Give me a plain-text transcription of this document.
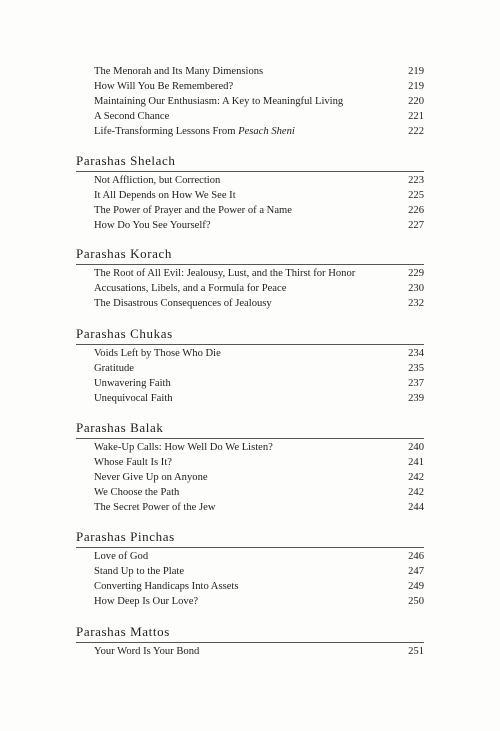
The Menorah and Its Many Dimensions	219
How Will You Be Remembered?	219
Maintaining Our Enthusiasm: A Key to Meaningful Living	220
A Second Chance	221
Life-Transforming Lessons From Pesach Sheni	222
Parashas Shelach
Not Affliction, but Correction	223
It All Depends on How We See It	225
The Power of Prayer and the Power of a Name	226
How Do You See Yourself?	227
Parashas Korach
The Root of All Evil: Jealousy, Lust, and the Thirst for Honor	229
Accusations, Libels, and a Formula for Peace	230
The Disastrous Consequences of Jealousy	232
Parashas Chukas
Voids Left by Those Who Die	234
Gratitude	235
Unwavering Faith	237
Unequivocal Faith	239
Parashas Balak
Wake-Up Calls: How Well Do We Listen?	240
Whose Fault Is It?	241
Never Give Up on Anyone	242
We Choose the Path	242
The Secret Power of the Jew	244
Parashas Pinchas
Love of God	246
Stand Up to the Plate	247
Converting Handicaps Into Assets	249
How Deep Is Our Love?	250
Parashas Mattos
Your Word Is Your Bond	251
